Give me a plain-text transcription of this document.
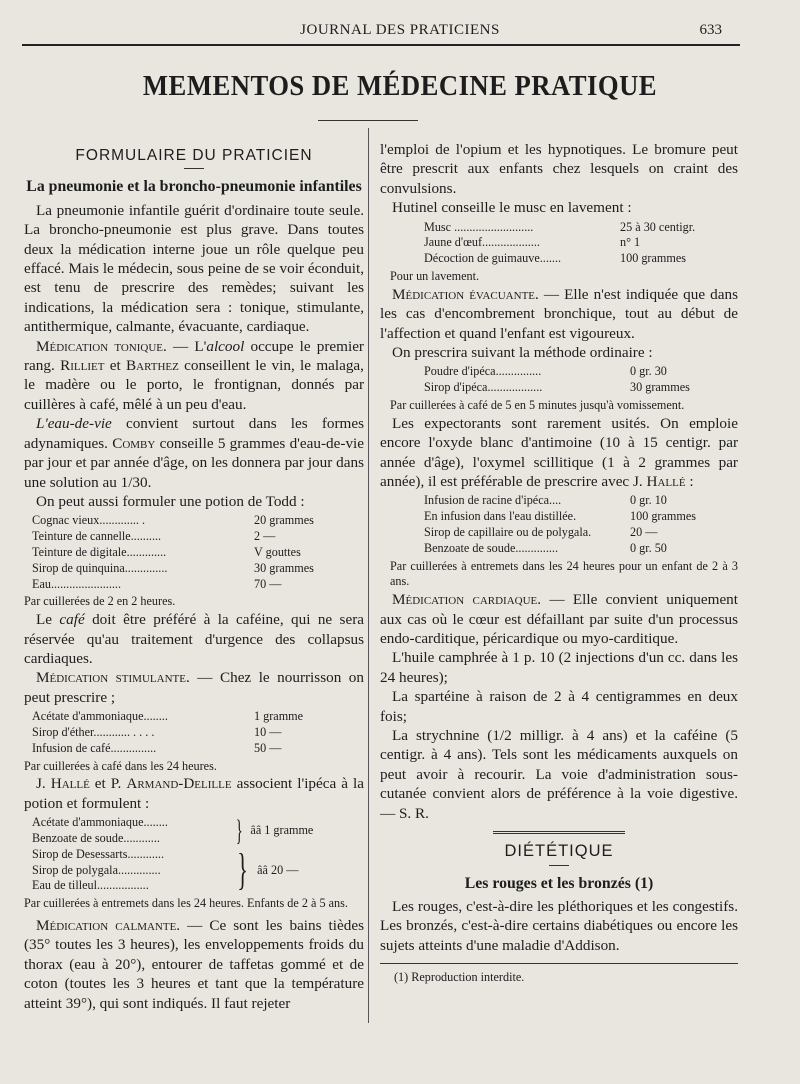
JOURNAL DES PRATICIENS	633
MEMENTOS DE MÉDECINE PRATIQUE
FORMULAIRE DU PRATICIEN
La pneumonie et la broncho-pneumonie infantiles

La pneumonie infantile guérit d'ordinaire toute seule. La broncho-pneumonie est plus grave. Dans toutes deux la médication interne joue un rôle quelque peu effacé. Mais le médecin, sous peine de se voir éconduit, est tenu de prescrire des remèdes; suivant les indications, la médication sera : tonique, stimulante, antithermique, calmante, évacuante, cardiaque.

Médication tonique. — L'alcool occupe le premier rang. Rilliet et Barthez conseillent le vin, le malaga, le madère ou le porto, le frontignan, donnés par cuillères à café, mêlé à un peu d'eau.

L'eau-de-vie convient surtout dans les formes adynamiques. Comby conseille 5 grammes d'eau-de-vie par jour et par année d'âge, on les donnera par jour dans une solution au 1/30.

On peut aussi formuler une potion de Todd :

Cognac vieux............. .	20 grammes
Teinture de cannelle..........	2 —
Teinture de digitale.............	V gouttes
Sirop de quinquina..............	30 grammes
Eau.......................	70 —

Par cuillerées de 2 en 2 heures.

Le café doit être préféré à la caféine, qui ne sera réservée qu'au traitement d'urgence des collapsus cardiaques.

Médication stimulante. — Chez le nourrisson on peut prescrire ;

Acétate d'ammoniaque........	1 gramme
Sirop d'éther............ . . . .	10 —
Infusion de café...............	50 —

Par cuillerées à café dans les 24 heures.

J. Hallé et P. Armand-Delille associent l'ipéca à la potion et formulent :

Acétate d'ammoniaque........
Benzoate de soude............	} ââ 1 gramme
Sirop de Desessarts............
Sirop de polygala..............
Eau de tilleul.................	} ââ 20 —

Par cuillerées à entremets dans les 24 heures. Enfants de 2 à 5 ans.

Médication calmante. — Ce sont les bains tièdes (35° toutes les 3 heures), les enveloppements froids du thorax (eau à 20°), entourer de taffetas gommé et de coton (toutes les 3 heures et tant que la température atteint 39°), qui sont indiqués. Il faut rejeter

l'emploi de l'opium et les hypnotiques. Le bromure peut être prescrit aux enfants chez lesquels on craint des convulsions.

Hutinel conseille le musc en lavement :

Musc ..........................	25 à 30 centigr.
Jaune d'œuf...................	n° 1
Décoction de guimauve.......	100 grammes

Pour un lavement.

Médication évacuante. — Elle n'est indiquée que dans les cas d'encombrement bronchique, tout au début de l'affection et quand l'enfant est vigoureux.

On prescrira suivant la méthode ordinaire :

Poudre d'ipéca...............	0 gr. 30
Sirop d'ipéca..................	30 grammes

Par cuillerées à café de 5 en 5 minutes jusqu'à vomissement.

Les expectorants sont rarement usités. On emploie encore l'oxyde blanc d'antimoine (10 à 15 centigr. par année d'âge), l'oxymel scillitique (1 à 2 grammes par année), il est préférable de prescrire avec J. Hallé :

Infusion de racine d'ipéca....	0 gr. 10
En infusion dans l'eau distillée.	100 grammes
Sirop de capillaire ou de polygala.	20 —
Benzoate de soude..............	0 gr. 50

Par cuillerées à entremets dans les 24 heures pour un enfant de 2 à 3 ans.

Médication cardiaque. — Elle convient uniquement aux cas où le cœur est défaillant par suite d'un processus endo-carditique, péricardique ou myo-carditique.

L'huile camphrée à 1 p. 10 (2 injections d'un cc. dans les 24 heures);

La spartéine à raison de 2 à 4 centigrammes en deux fois;

La strychnine (1/2 milligr. à 4 ans) et la caféine (5 centigr. à 4 ans). Tels sont les médicaments auxquels on peut avoir à recourir. La voie d'administration sous-cutanée convient alors de préférence à la voie digestive. — S. R.

DIÉTÉTIQUE
Les rouges et les bronzés (1)

Les rouges, c'est-à-dire les pléthoriques et les congestifs. Les bronzés, c'est-à-dire certains diabétiques ou encore les sujets atteints d'une maladie d'Addison.

(1) Reproduction interdite.
